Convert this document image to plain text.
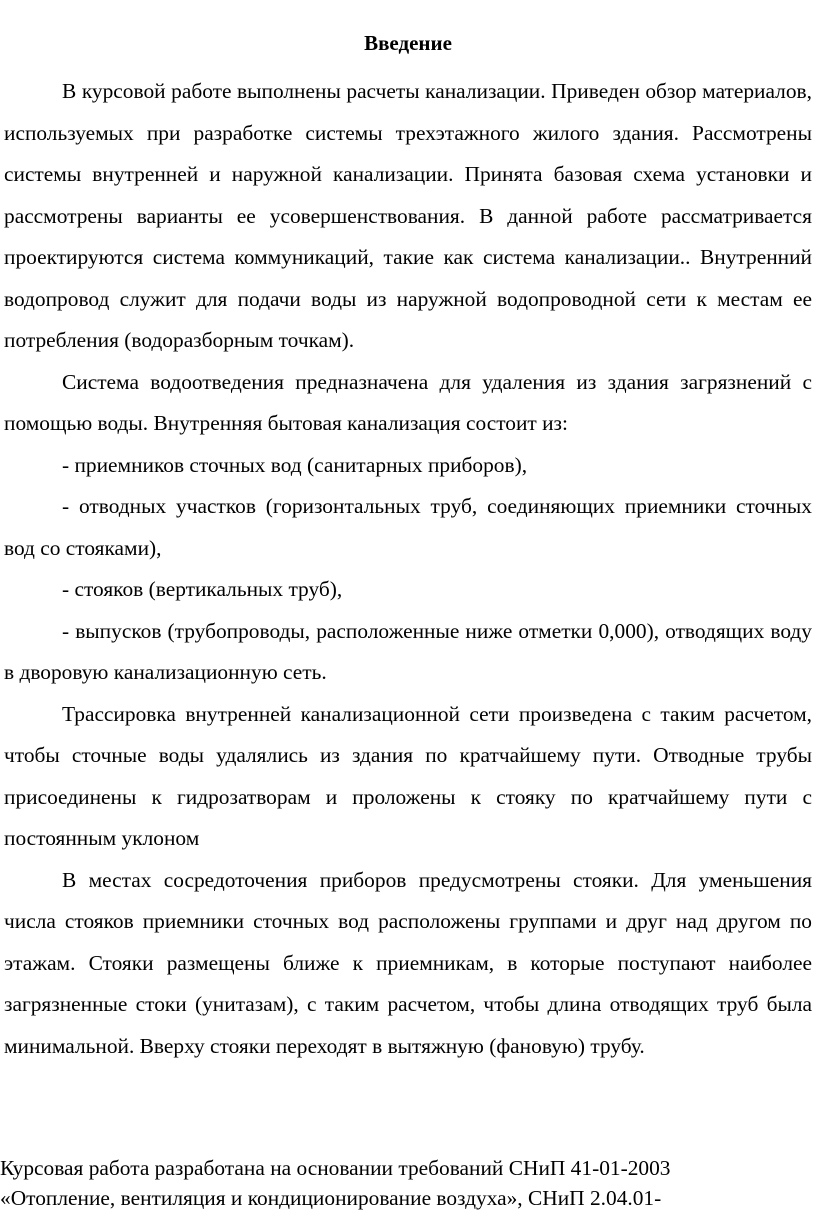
Введение

В курсовой работе выполнены расчеты канализации. Приведен обзор материалов, используемых при разработке системы трехэтажного жилого здания. Рассмотрены системы внутренней и наружной канализации. Принята базовая схема установки и рассмотрены варианты ее усовершенствования. В данной работе рассматривается проектируются система коммуникаций, такие как система канализации.. Внутренний водопровод служит для подачи воды из наружной водопроводной сети к местам ее потребления (водоразборным точкам).

Система водоотведения предназначена для удаления из здания загрязнений с помощью воды. Внутренняя бытовая канализация состоит из:

- приемников сточных вод (санитарных приборов),

- отводных участков (горизонтальных труб, соединяющих приемники сточных вод со стояками),

- стояков (вертикальных труб),

- выпусков (трубопроводы, расположенные ниже отметки 0,000), отводящих воду в дворовую канализационную сеть.

Трассировка внутренней канализационной сети произведена с таким расчетом, чтобы сточные воды удалялись из здания по кратчайшему пути. Отводные трубы присоединены к гидрозатворам и проложены к стояку по кратчайшему пути с постоянным уклоном

В местах сосредоточения приборов предусмотрены стояки. Для уменьшения числа стояков приемники сточных вод расположены группами и друг над другом по этажам. Стояки размещены ближе к приемникам, в которые поступают наиболее загрязненные стоки (унитазам), с таким расчетом, чтобы длина отводящих труб была минимальной. Вверху стояки переходят в вытяжную (фановую) трубу.

Курсовая работа разработана на основании требований СНиП 41-01-2003

«Отопление, вентиляция и кондиционирование воздуха», СНиП 2.04.01-
